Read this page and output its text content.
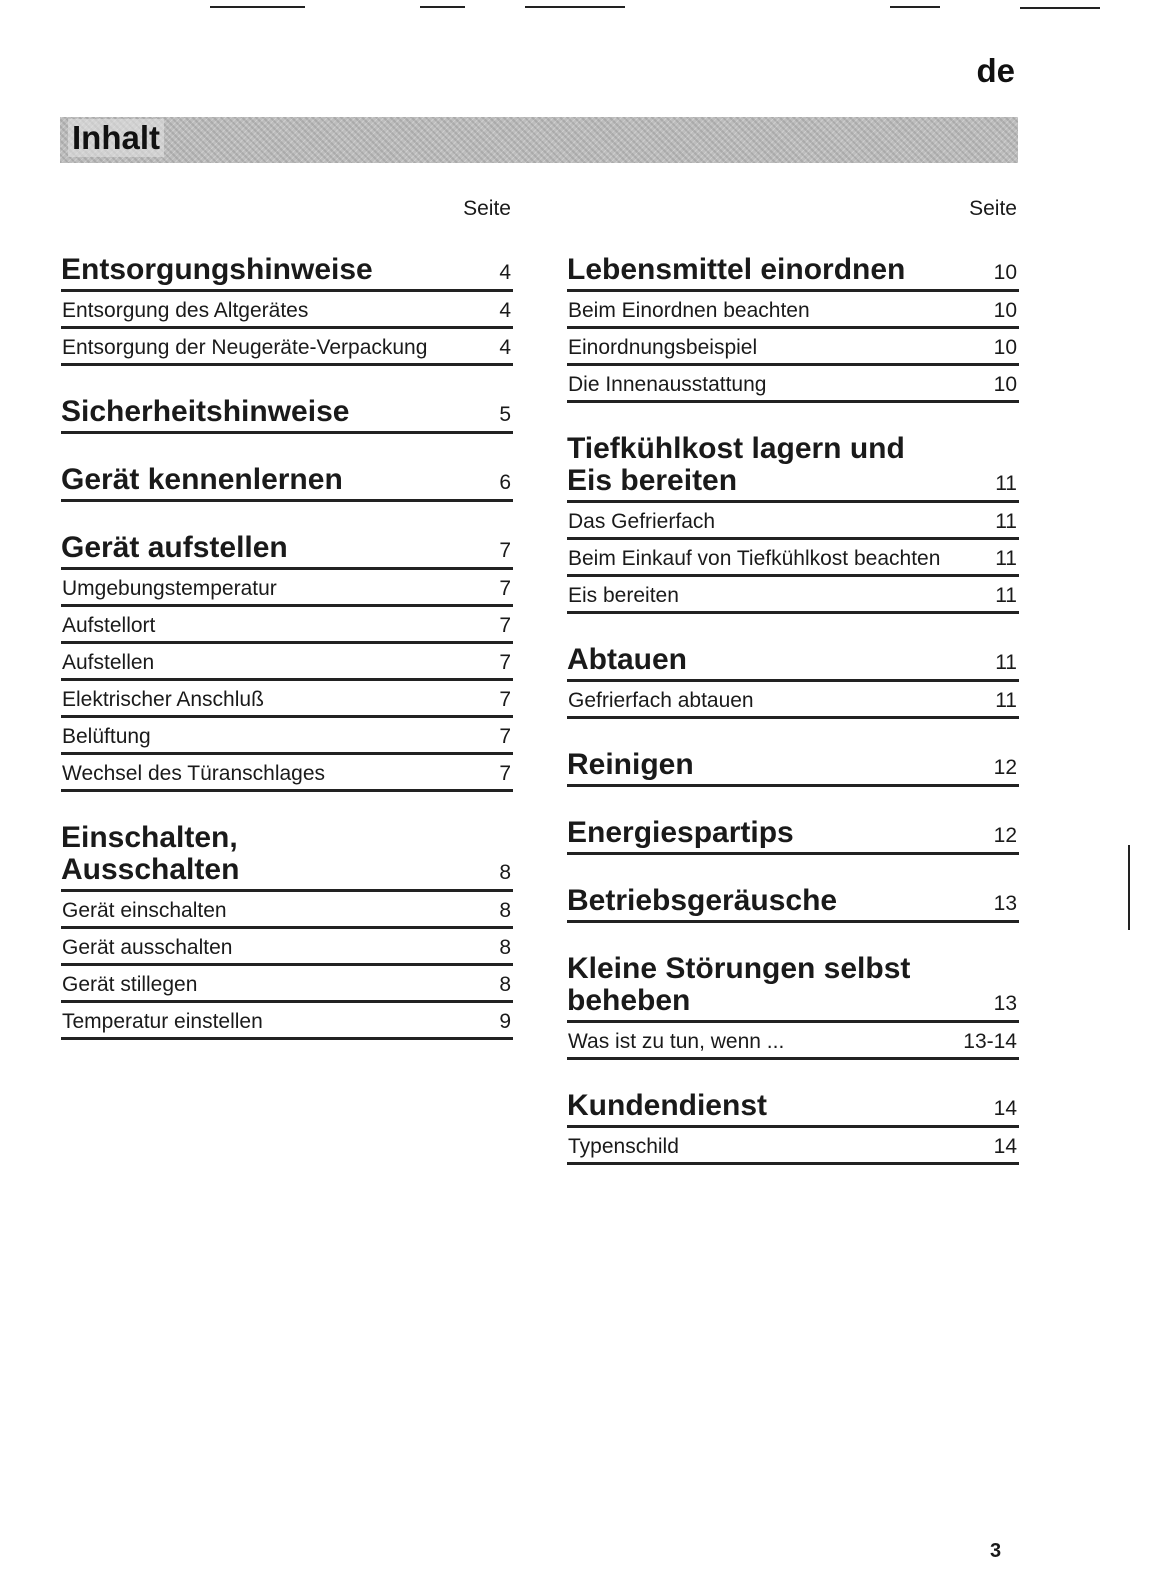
de
Inhalt
Seite
Entsorgungshinweise	4
Entsorgung des Altgerätes	4
Entsorgung der Neugeräte-Verpackung	4
Sicherheitshinweise	5
Gerät kennenlernen	6
Gerät aufstellen	7
Umgebungstemperatur	7
Aufstellort	7
Aufstellen	7
Elektrischer Anschluß	7
Belüftung	7
Wechsel des Türanschlages	7
Einschalten, Ausschalten	8
Gerät einschalten	8
Gerät ausschalten	8
Gerät stillegen	8
Temperatur einstellen	9
Seite
Lebensmittel einordnen	10
Beim Einordnen beachten	10
Einordnungsbeispiel	10
Die Innenausstattung	10
Tiefkühlkost lagern und Eis bereiten	11
Das Gefrierfach	11
Beim Einkauf von Tiefkühlkost beachten	11
Eis bereiten	11
Abtauen	11
Gefrierfach abtauen	11
Reinigen	12
Energiespartips	12
Betriebsgeräusche	13
Kleine Störungen selbst beheben	13
Was ist zu tun, wenn ...	13-14
Kundendienst	14
Typenschild	14
3
